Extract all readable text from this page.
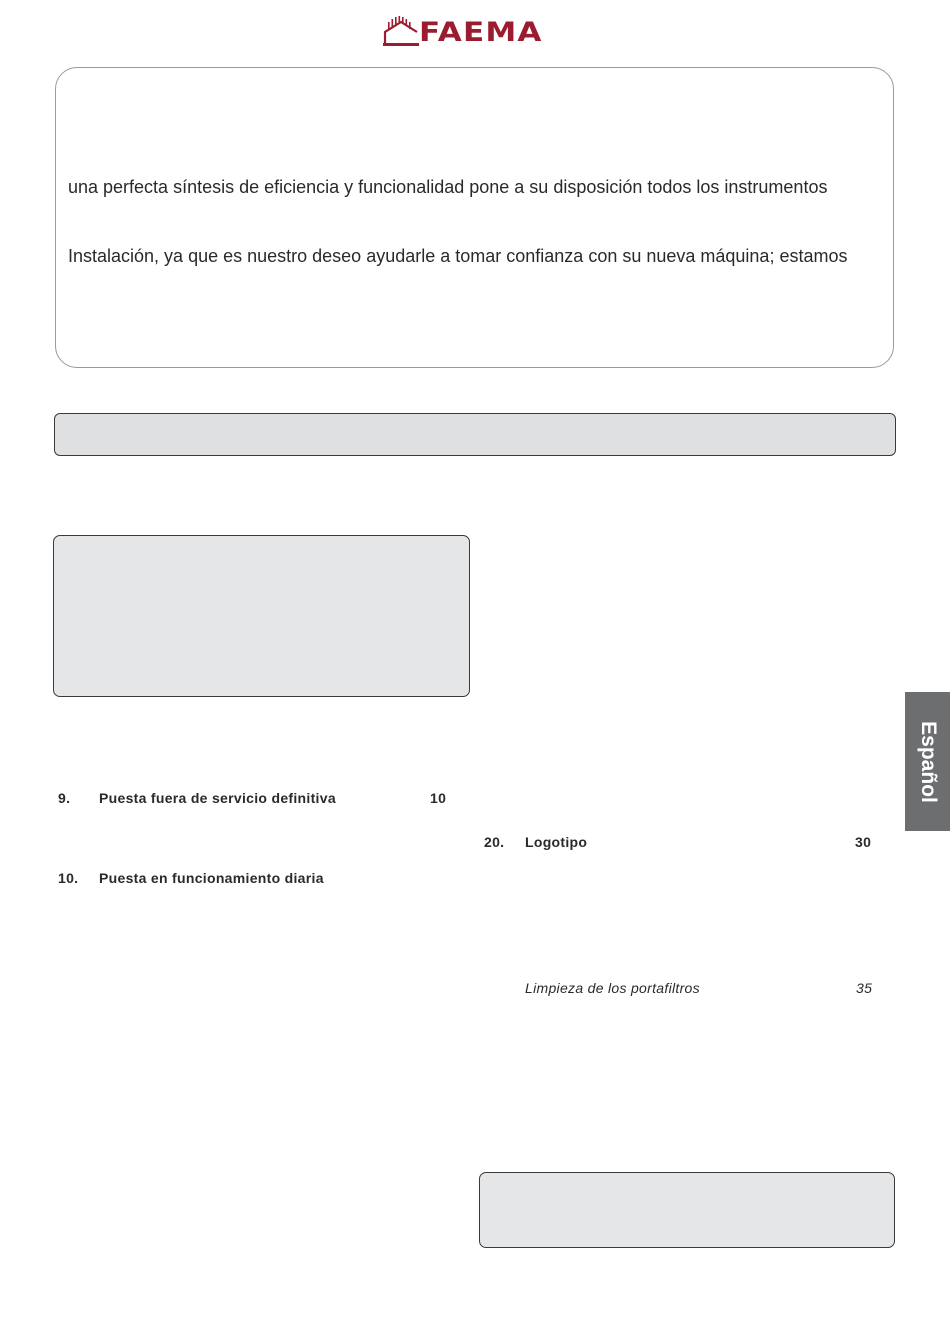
FAEMA
una perfecta síntesis de eficiencia y funcionalidad pone a su disposición todos los instrumentos
Instalación, ya que es nuestro deseo ayudarle a tomar confianza con su nueva máquina; estamos
9. Puesta fuera de servicio definitiva	10
10. Puesta en funcionamiento diaria
20. Logotipo	30
Limpieza de los portafiltros	35
Español
